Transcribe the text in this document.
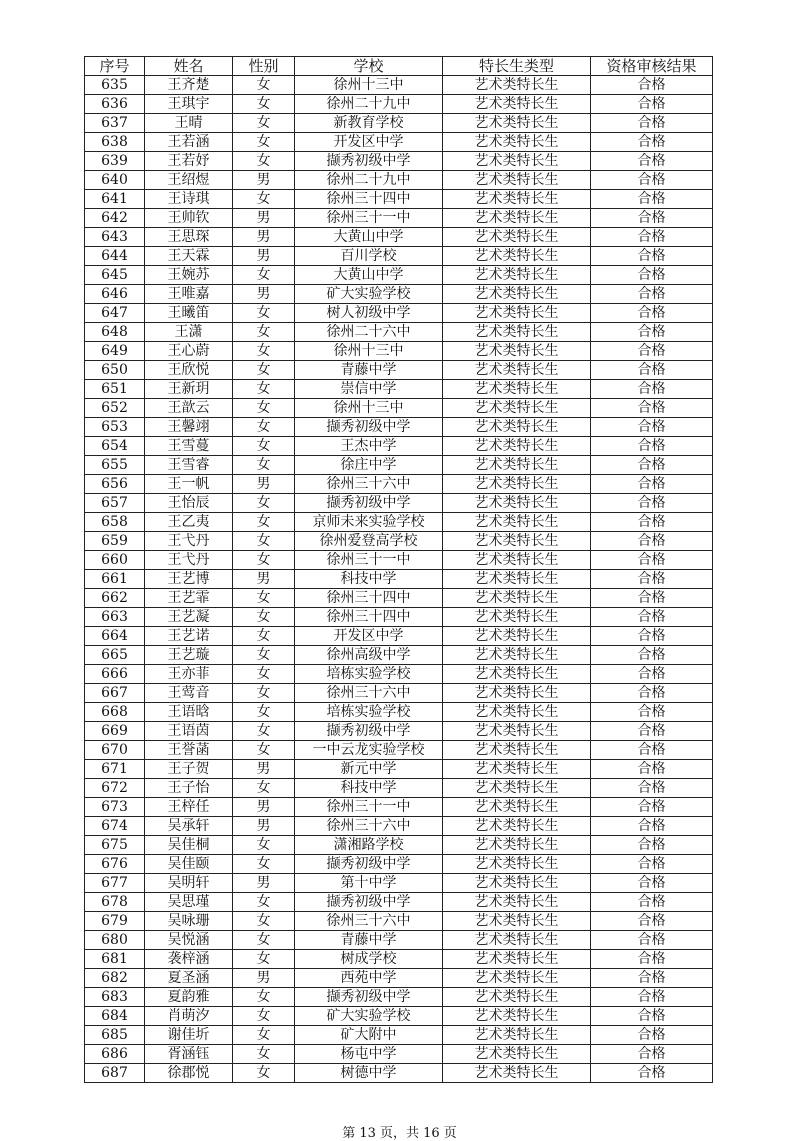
序号	姓名	性别	学校	特长生类型	资格审核结果
635	王齐楚	女	徐州十三中	艺术类特长生	合格
636	王琪宇	女	徐州二十九中	艺术类特长生	合格
637	王晴	女	新教育学校	艺术类特长生	合格
638	王若涵	女	开发区中学	艺术类特长生	合格
639	王若妤	女	撷秀初级中学	艺术类特长生	合格
640	王绍煜	男	徐州二十九中	艺术类特长生	合格
641	王诗琪	女	徐州三十四中	艺术类特长生	合格
642	王帅钦	男	徐州三十一中	艺术类特长生	合格
643	王思琛	男	大黄山中学	艺术类特长生	合格
644	王天霖	男	百川学校	艺术类特长生	合格
645	王婉苏	女	大黄山中学	艺术类特长生	合格
646	王唯嘉	男	矿大实验学校	艺术类特长生	合格
647	王曦笛	女	树人初级中学	艺术类特长生	合格
648	王潇	女	徐州二十六中	艺术类特长生	合格
649	王心蔚	女	徐州十三中	艺术类特长生	合格
650	王欣悦	女	青藤中学	艺术类特长生	合格
651	王新玥	女	崇信中学	艺术类特长生	合格
652	王歆云	女	徐州十三中	艺术类特长生	合格
653	王馨翊	女	撷秀初级中学	艺术类特长生	合格
654	王雪蔓	女	王杰中学	艺术类特长生	合格
655	王雪睿	女	徐庄中学	艺术类特长生	合格
656	王一帆	男	徐州三十六中	艺术类特长生	合格
657	王怡辰	女	撷秀初级中学	艺术类特长生	合格
658	王乙夷	女	京师未来实验学校	艺术类特长生	合格
659	王弋丹	女	徐州爱登高学校	艺术类特长生	合格
660	王弋丹	女	徐州三十一中	艺术类特长生	合格
661	王艺博	男	科技中学	艺术类特长生	合格
662	王艺霏	女	徐州三十四中	艺术类特长生	合格
663	王艺凝	女	徐州三十四中	艺术类特长生	合格
664	王艺诺	女	开发区中学	艺术类特长生	合格
665	王艺璇	女	徐州高级中学	艺术类特长生	合格
666	王亦菲	女	培栋实验学校	艺术类特长生	合格
667	王莺音	女	徐州三十六中	艺术类特长生	合格
668	王语晗	女	培栋实验学校	艺术类特长生	合格
669	王语茵	女	撷秀初级中学	艺术类特长生	合格
670	王誉菡	女	一中云龙实验学校	艺术类特长生	合格
671	王子贺	男	新元中学	艺术类特长生	合格
672	王子怡	女	科技中学	艺术类特长生	合格
673	王梓任	男	徐州三十一中	艺术类特长生	合格
674	吴承轩	男	徐州三十六中	艺术类特长生	合格
675	吴佳桐	女	潇湘路学校	艺术类特长生	合格
676	吴佳颐	女	撷秀初级中学	艺术类特长生	合格
677	吴明轩	男	第十中学	艺术类特长生	合格
678	吴思瑾	女	撷秀初级中学	艺术类特长生	合格
679	吴咏珊	女	徐州三十六中	艺术类特长生	合格
680	吴悦涵	女	青藤中学	艺术类特长生	合格
681	袭梓涵	女	树成学校	艺术类特长生	合格
682	夏圣涵	男	西苑中学	艺术类特长生	合格
683	夏韵雅	女	撷秀初级中学	艺术类特长生	合格
684	肖萌汐	女	矿大实验学校	艺术类特长生	合格
685	谢佳圻	女	矿大附中	艺术类特长生	合格
686	胥涵钰	女	杨屯中学	艺术类特长生	合格
687	徐郡悦	女	树德中学	艺术类特长生	合格
第 13 页，共 16 页
